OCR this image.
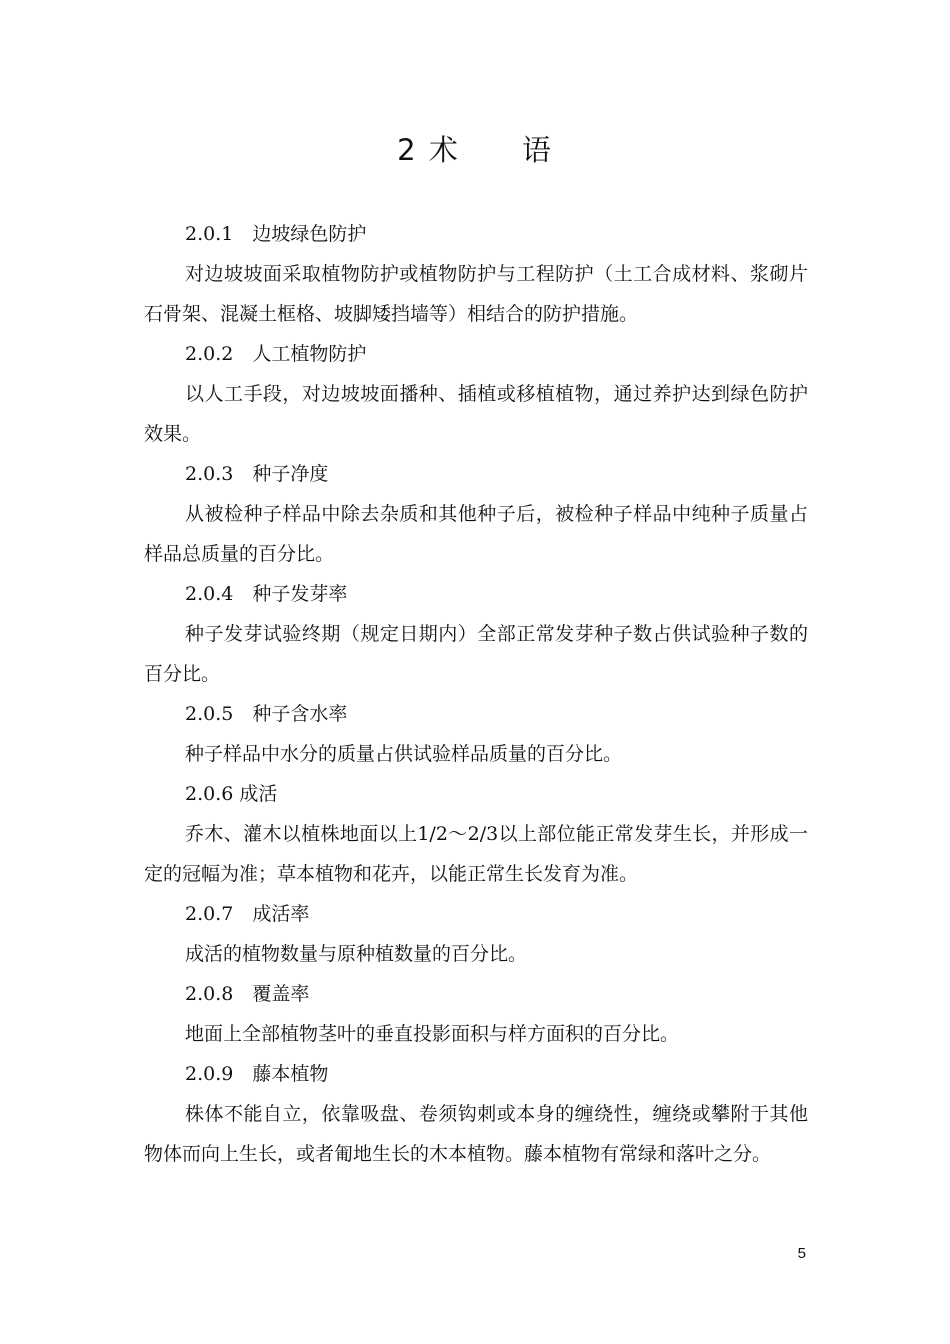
2 术　　语

2.0.1　边坡绿色防护

对边坡坡面采取植物防护或植物防护与工程防护（土工合成材料、浆砌片石骨架、混凝土框格、坡脚矮挡墙等）相结合的防护措施。

2.0.2　人工植物防护

以人工手段，对边坡坡面播种、插植或移植植物，通过养护达到绿色防护效果。

2.0.3　种子净度

从被检种子样品中除去杂质和其他种子后，被检种子样品中纯种子质量占样品总质量的百分比。

2.0.4　种子发芽率

种子发芽试验终期（规定日期内）全部正常发芽种子数占供试验种子数的百分比。

2.0.5　种子含水率

种子样品中水分的质量占供试验样品质量的百分比。

2.0.6 成活

乔木、灌木以植株地面以上1/2～2/3以上部位能正常发芽生长，并形成一定的冠幅为准；草本植物和花卉，以能正常生长发育为准。

2.0.7　成活率

成活的植物数量与原种植数量的百分比。

2.0.8　覆盖率

地面上全部植物茎叶的垂直投影面积与样方面积的百分比。

2.0.9　藤本植物

株体不能自立，依靠吸盘、卷须钩刺或本身的缠绕性，缠绕或攀附于其他物体而向上生长，或者匍地生长的木本植物。藤本植物有常绿和落叶之分。

5
